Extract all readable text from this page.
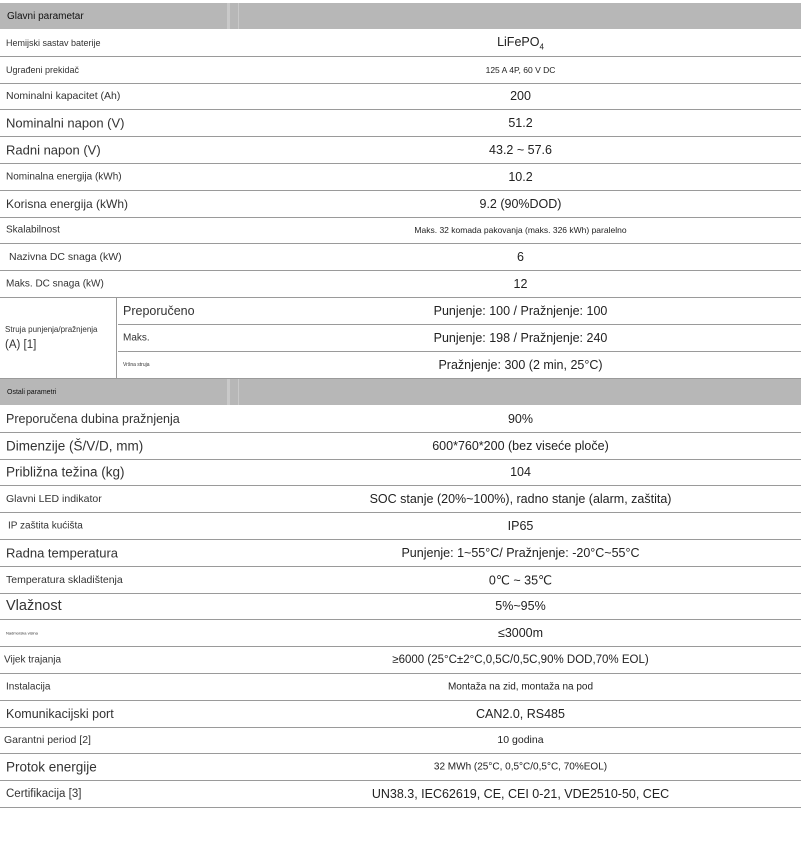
Glavni parametar
Hemijski sastav baterije	LiFePO$_4$
Ugrađeni prekidač	125 A 4P, 60 V DC
Nominalni kapacitet (Ah)	200
Nominalni napon (V)	51.2
Radni napon (V)	43.2 ~ 57.6
Nominalna energija (kWh)	10.2
Korisna energija (kWh)	9.2 (90%DOD)
Skalabilnost	Maks. 32 komada pakovanja (maks. 326 kWh) paralelno
Nazivna DC snaga (kW)	6
Maks. DC snaga (kW)	12
Struja punjenja/pražnjenja
(A) [1]
Preporučeno	Punjenje: 100 / Pražnjenje: 100
Maks.	Punjenje: 198 / Pražnjenje: 240
Vršna struja	Pražnjenje: 300 (2 min, 25°C)
Ostali parametri
Preporučena dubina pražnjenja	90%
Dimenzije (Š/V/D, mm)	600*760*200 (bez viseće ploče)
Približna težina (kg)	104
Glavni LED indikator	SOC stanje (20%~100%), radno stanje (alarm, zaštita)
IP zaštita kućišta	IP65
Radna temperatura	Punjenje: 1~55°C/ Pražnjenje: -20°C~55°C
Temperatura skladištenja	0℃ ~ 35℃
Vlažnost	5%~95%
Nadmorska visina	≤3000m
Vijek trajanja	≥6000 (25°C±2°C,0,5C/0,5C,90% DOD,70% EOL)
Instalacija	Montaža na zid, montaža na pod
Komunikacijski port	CAN2.0, RS485
Garantni period [2]	10 godina
Protok energije	32 MWh (25°C, 0,5°C/0,5°C, 70%EOL)
Certifikacija [3]	UN38.3, IEC62619, CE, CEI 0-21, VDE2510-50, CEC
